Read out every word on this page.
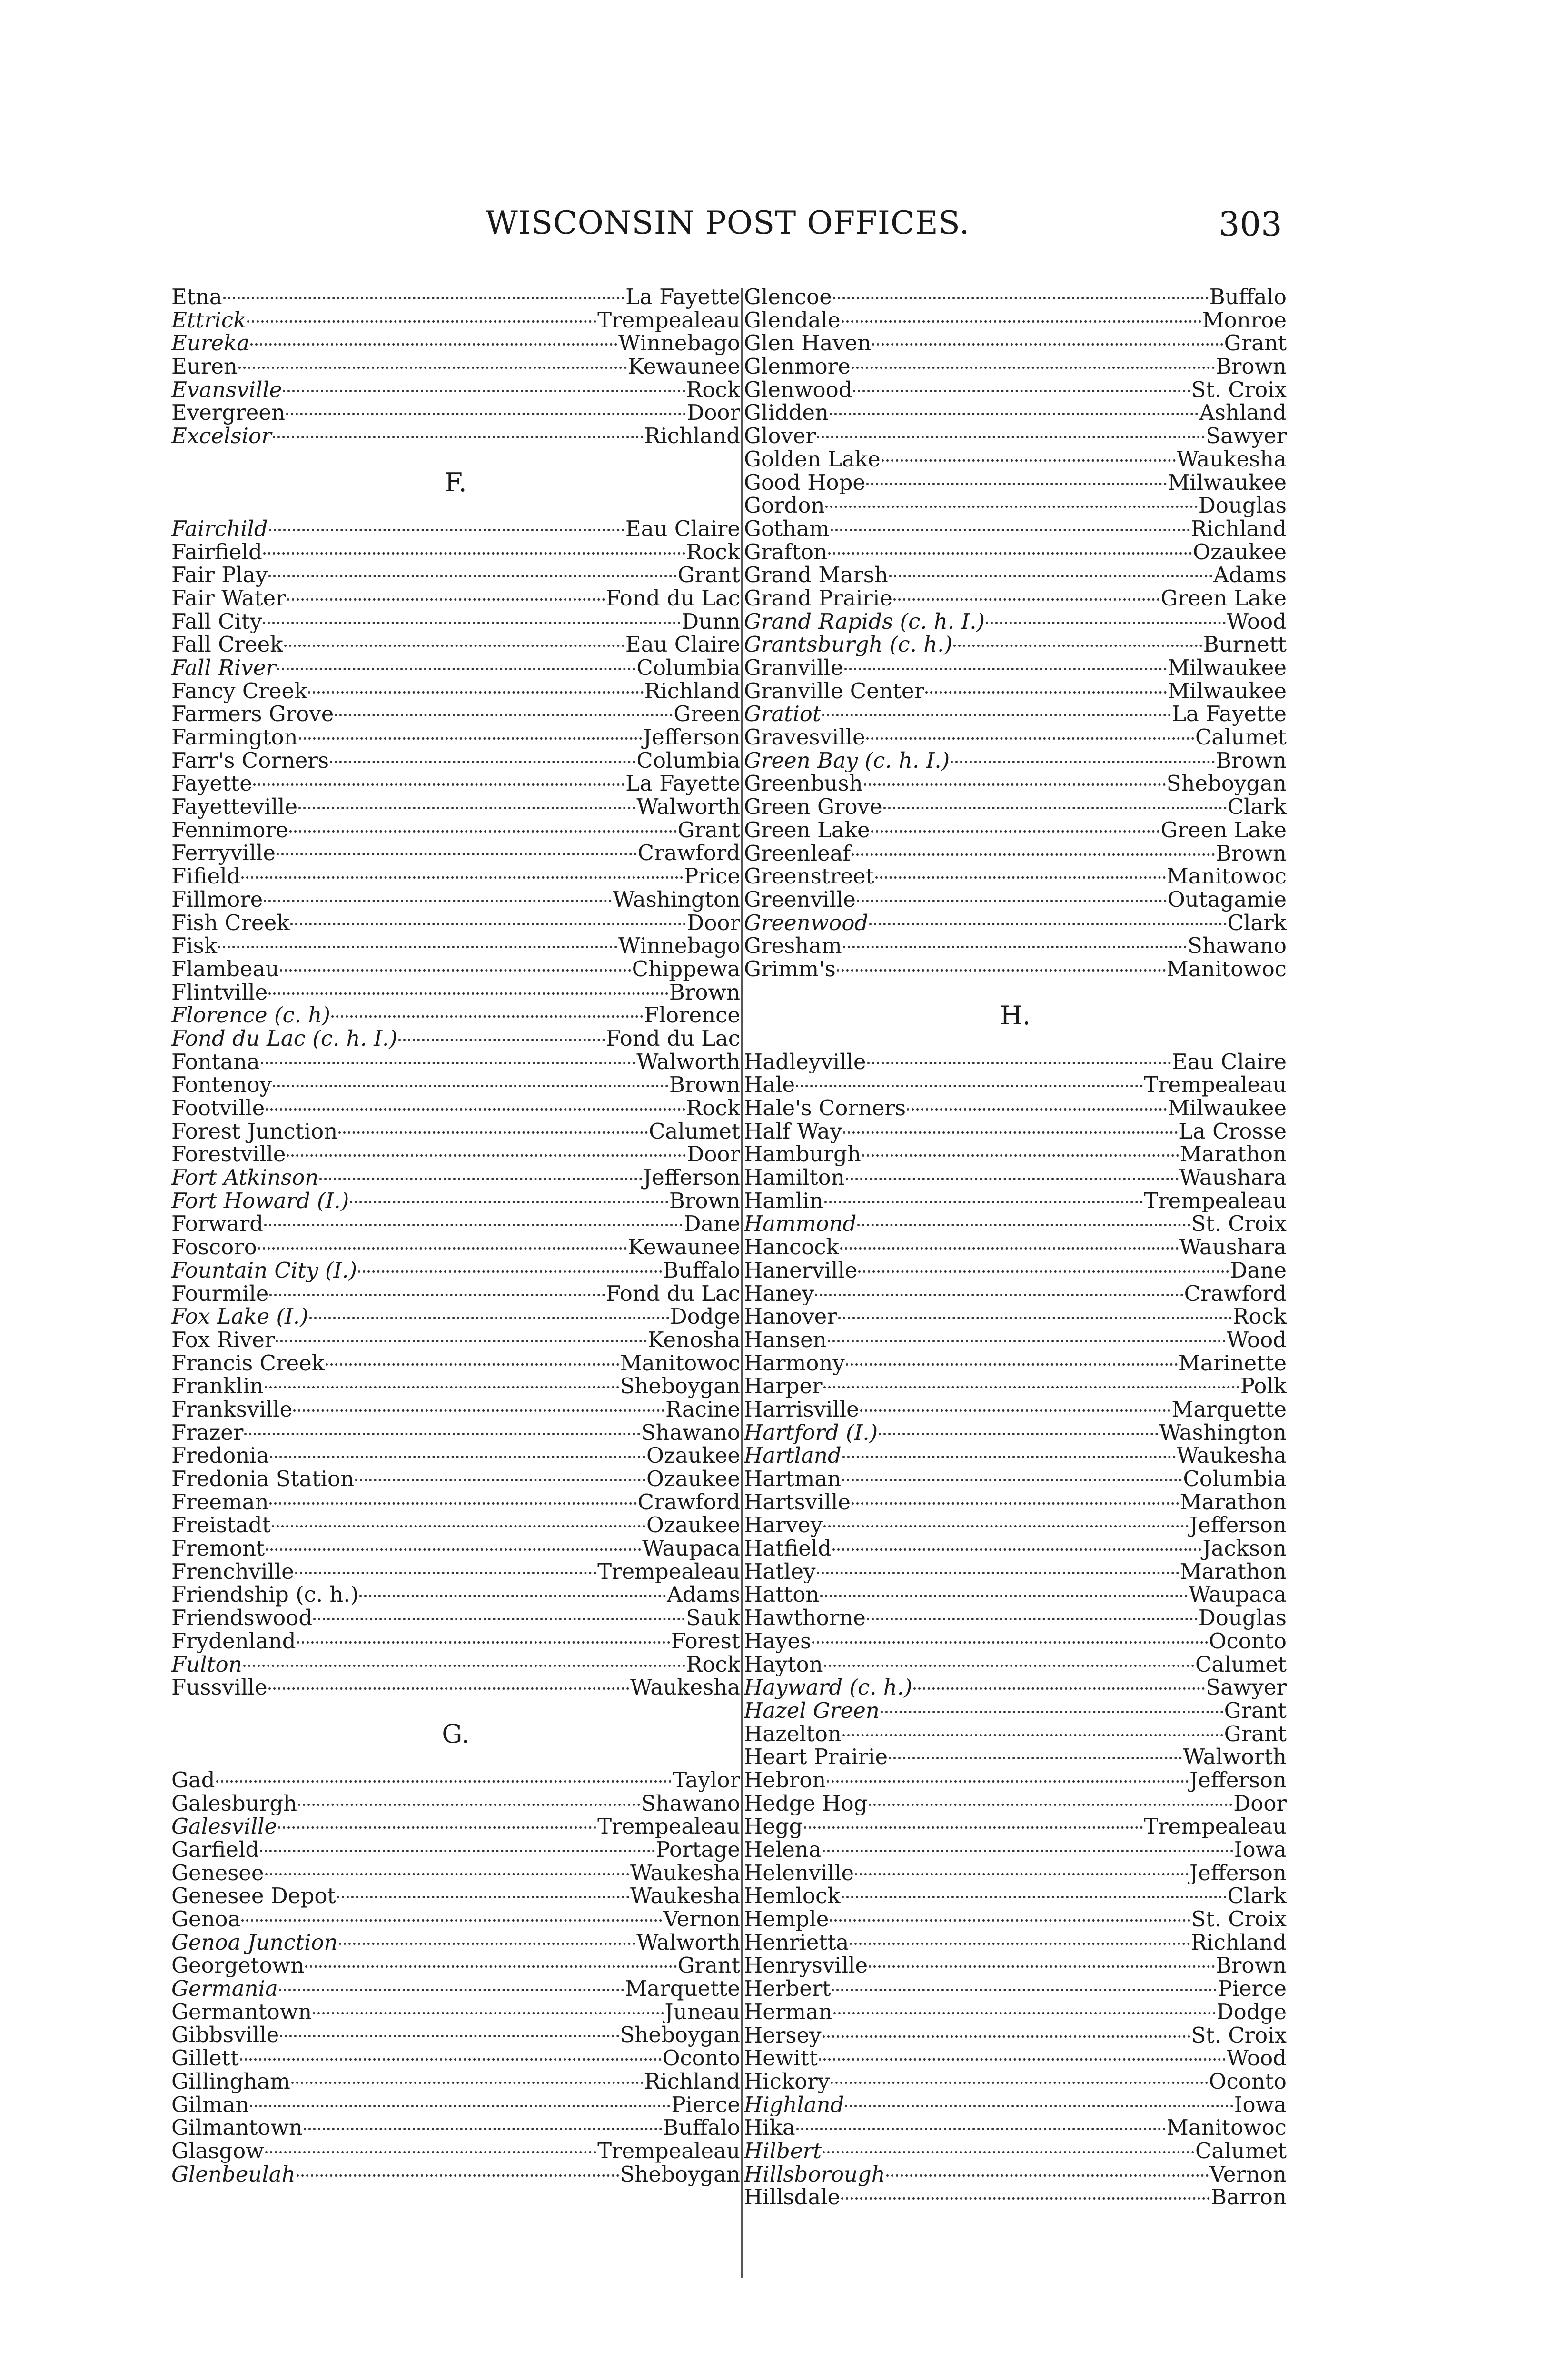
WISCONSIN POST OFFICES.	303
Etna	La Fayette
Ettrick	Trempealeau
Eureka	Winnebago
Euren	Kewaunee
Evansville	Rock
Evergreen	Door
Excelsior	Richland
F.
Fairchild	Eau Claire
Fairfield	Rock
Fair Play	Grant
Fair Water	Fond du Lac
Fall City	Dunn
Fall Creek	Eau Claire
Fall River	Columbia
Fancy Creek	Richland
Farmers Grove	Green
Farmington	Jefferson
Farr's Corners	Columbia
Fayette	La Fayette
Fayetteville	Walworth
Fennimore	Grant
Ferryville	Crawford
Fifield	Price
Fillmore	Washington
Fish Creek	Door
Fisk	Winnebago
Flambeau	Chippewa
Flintville	Brown
Florence (c. h)	Florence
Fond du Lac (c. h. I.)	Fond du Lac
Fontana	Walworth
Fontenoy	Brown
Footville	Rock
Forest Junction	Calumet
Forestville	Door
Fort Atkinson	Jefferson
Fort Howard (I.)	Brown
Forward	Dane
Foscoro	Kewaunee
Fountain City (I.)	Buffalo
Fourmile	Fond du Lac
Fox Lake (I.)	Dodge
Fox River	Kenosha
Francis Creek	Manitowoc
Franklin	Sheboygan
Franksville	Racine
Frazer	Shawano
Fredonia	Ozaukee
Fredonia Station	Ozaukee
Freeman	Crawford
Freistadt	Ozaukee
Fremont	Waupaca
Frenchville	Trempealeau
Friendship (c. h.)	Adams
Friendswood	Sauk
Frydenland	Forest
Fulton	Rock
Fussville	Waukesha
G.
Gad	Taylor
Galesburgh	Shawano
Galesville	Trempealeau
Garfield	Portage
Genesee	Waukesha
Genesee Depot	Waukesha
Genoa	Vernon
Genoa Junction	Walworth
Georgetown	Grant
Germania	Marquette
Germantown	Juneau
Gibbsville	Sheboygan
Gillett	Oconto
Gillingham	Richland
Gilman	Pierce
Gilmantown	Buffalo
Glasgow	Trempealeau
Glenbeulah	Sheboygan
Glencoe	Buffalo
Glendale	Monroe
Glen Haven	Grant
Glenmore	Brown
Glenwood	St. Croix
Glidden	Ashland
Glover	Sawyer
Golden Lake	Waukesha
Good Hope	Milwaukee
Gordon	Douglas
Gotham	Richland
Grafton	Ozaukee
Grand Marsh	Adams
Grand Prairie	Green Lake
Grand Rapids (c. h. I.)	Wood
Grantsburgh (c. h.)	Burnett
Granville	Milwaukee
Granville Center	Milwaukee
Gratiot	La Fayette
Gravesville	Calumet
Green Bay (c. h. I.)	Brown
Greenbush	Sheboygan
Green Grove	Clark
Green Lake	Green Lake
Greenleaf	Brown
Greenstreet	Manitowoc
Greenville	Outagamie
Greenwood	Clark
Gresham	Shawano
Grimm's	Manitowoc
H.
Hadleyville	Eau Claire
Hale	Trempealeau
Hale's Corners	Milwaukee
Half Way	La Crosse
Hamburgh	Marathon
Hamilton	Waushara
Hamlin	Trempealeau
Hammond	St. Croix
Hancock	Waushara
Hanerville	Dane
Haney	Crawford
Hanover	Rock
Hansen	Wood
Harmony	Marinette
Harper	Polk
Harrisville	Marquette
Hartford (I.)	Washington
Hartland	Waukesha
Hartman	Columbia
Hartsville	Marathon
Harvey	Jefferson
Hatfield	Jackson
Hatley	Marathon
Hatton	Waupaca
Hawthorne	Douglas
Hayes	Oconto
Hayton	Calumet
Hayward (c. h.)	Sawyer
Hazel Green	Grant
Hazelton	Grant
Heart Prairie	Walworth
Hebron	Jefferson
Hedge Hog	Door
Hegg	Trempealeau
Helena	Iowa
Helenville	Jefferson
Hemlock	Clark
Hemple	St. Croix
Henrietta	Richland
Henrysville	Brown
Herbert	Pierce
Herman	Dodge
Hersey	St. Croix
Hewitt	Wood
Hickory	Oconto
Highland	Iowa
Hika	Manitowoc
Hilbert	Calumet
Hillsborough	Vernon
Hillsdale	Barron
